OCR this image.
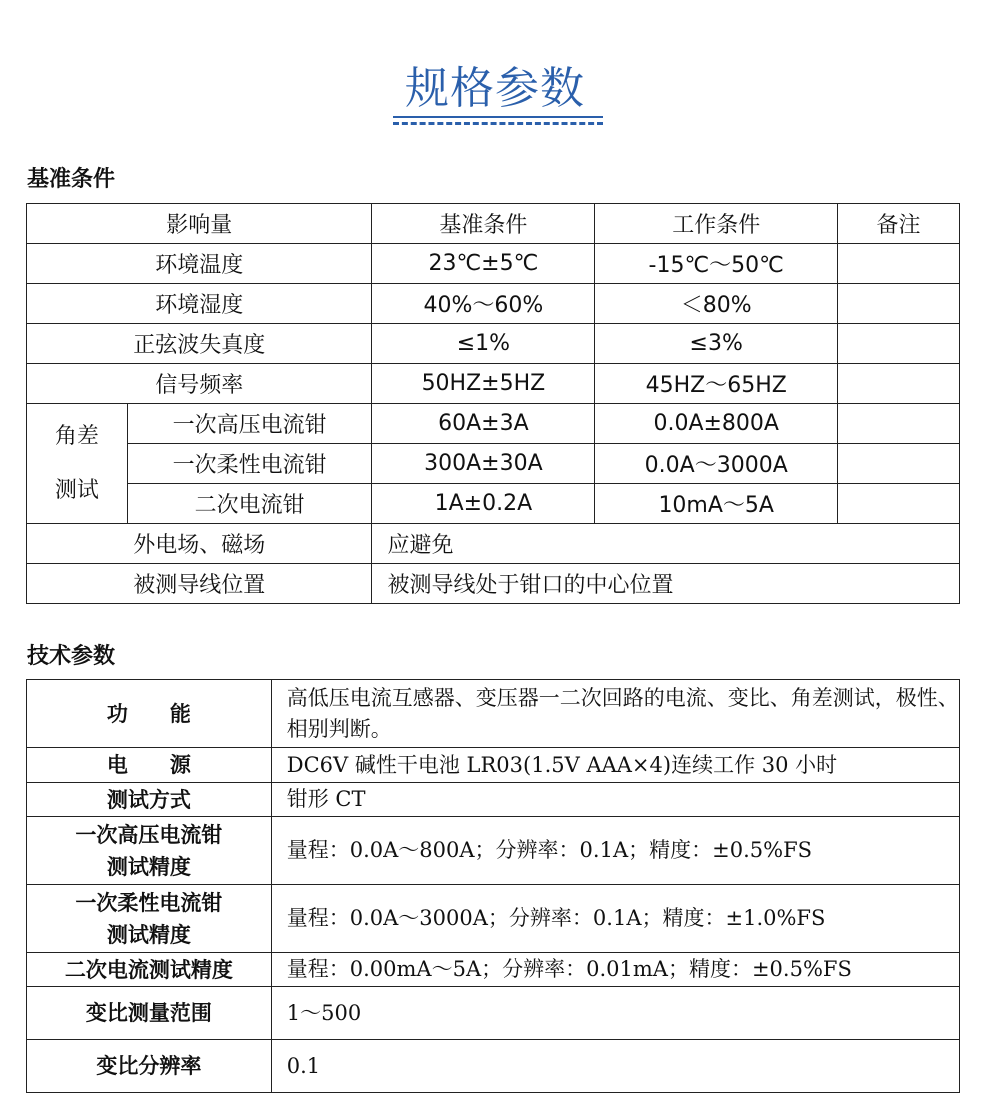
规格参数
基准条件
影响量		基准条件	工作条件	备注
环境温度		23℃±5℃	-15℃～50℃	
环境湿度		40%～60%	＜80%	
正弦波失真度		≤1%	≤3%	
信号频率		50HZ±5HZ	45HZ～65HZ	

角差
测试	一次高压电流钳	60A±3A	0.0A±800A	
	一次柔性电流钳	300A±30A	0.0A～3000A	
	二次电流钳	1A±0.2A	10mA～5A	
外电场、磁场		应避免		
被测导线位置		被测导线处于钳口的中心位置		
技术参数
功　　能	高低压电流互感器、变压器一二次回路的电流、变比、角差测试，极性、相别判断。
电　　源	DC6V 碱性干电池 LR03(1.5V AAA×4)连续工作 30 小时
测试方式	钳形 CT

一次高压电流钳
测试精度	量程：0.0A～800A；分辨率：0.1A；精度：±0.5%FS

一次柔性电流钳
测试精度	量程：0.0A～3000A；分辨率：0.1A；精度：±1.0%FS
二次电流测试精度	量程：0.00mA～5A；分辨率：0.01mA；精度：±0.5%FS
变比测量范围	1～500
变比分辨率	0.1
